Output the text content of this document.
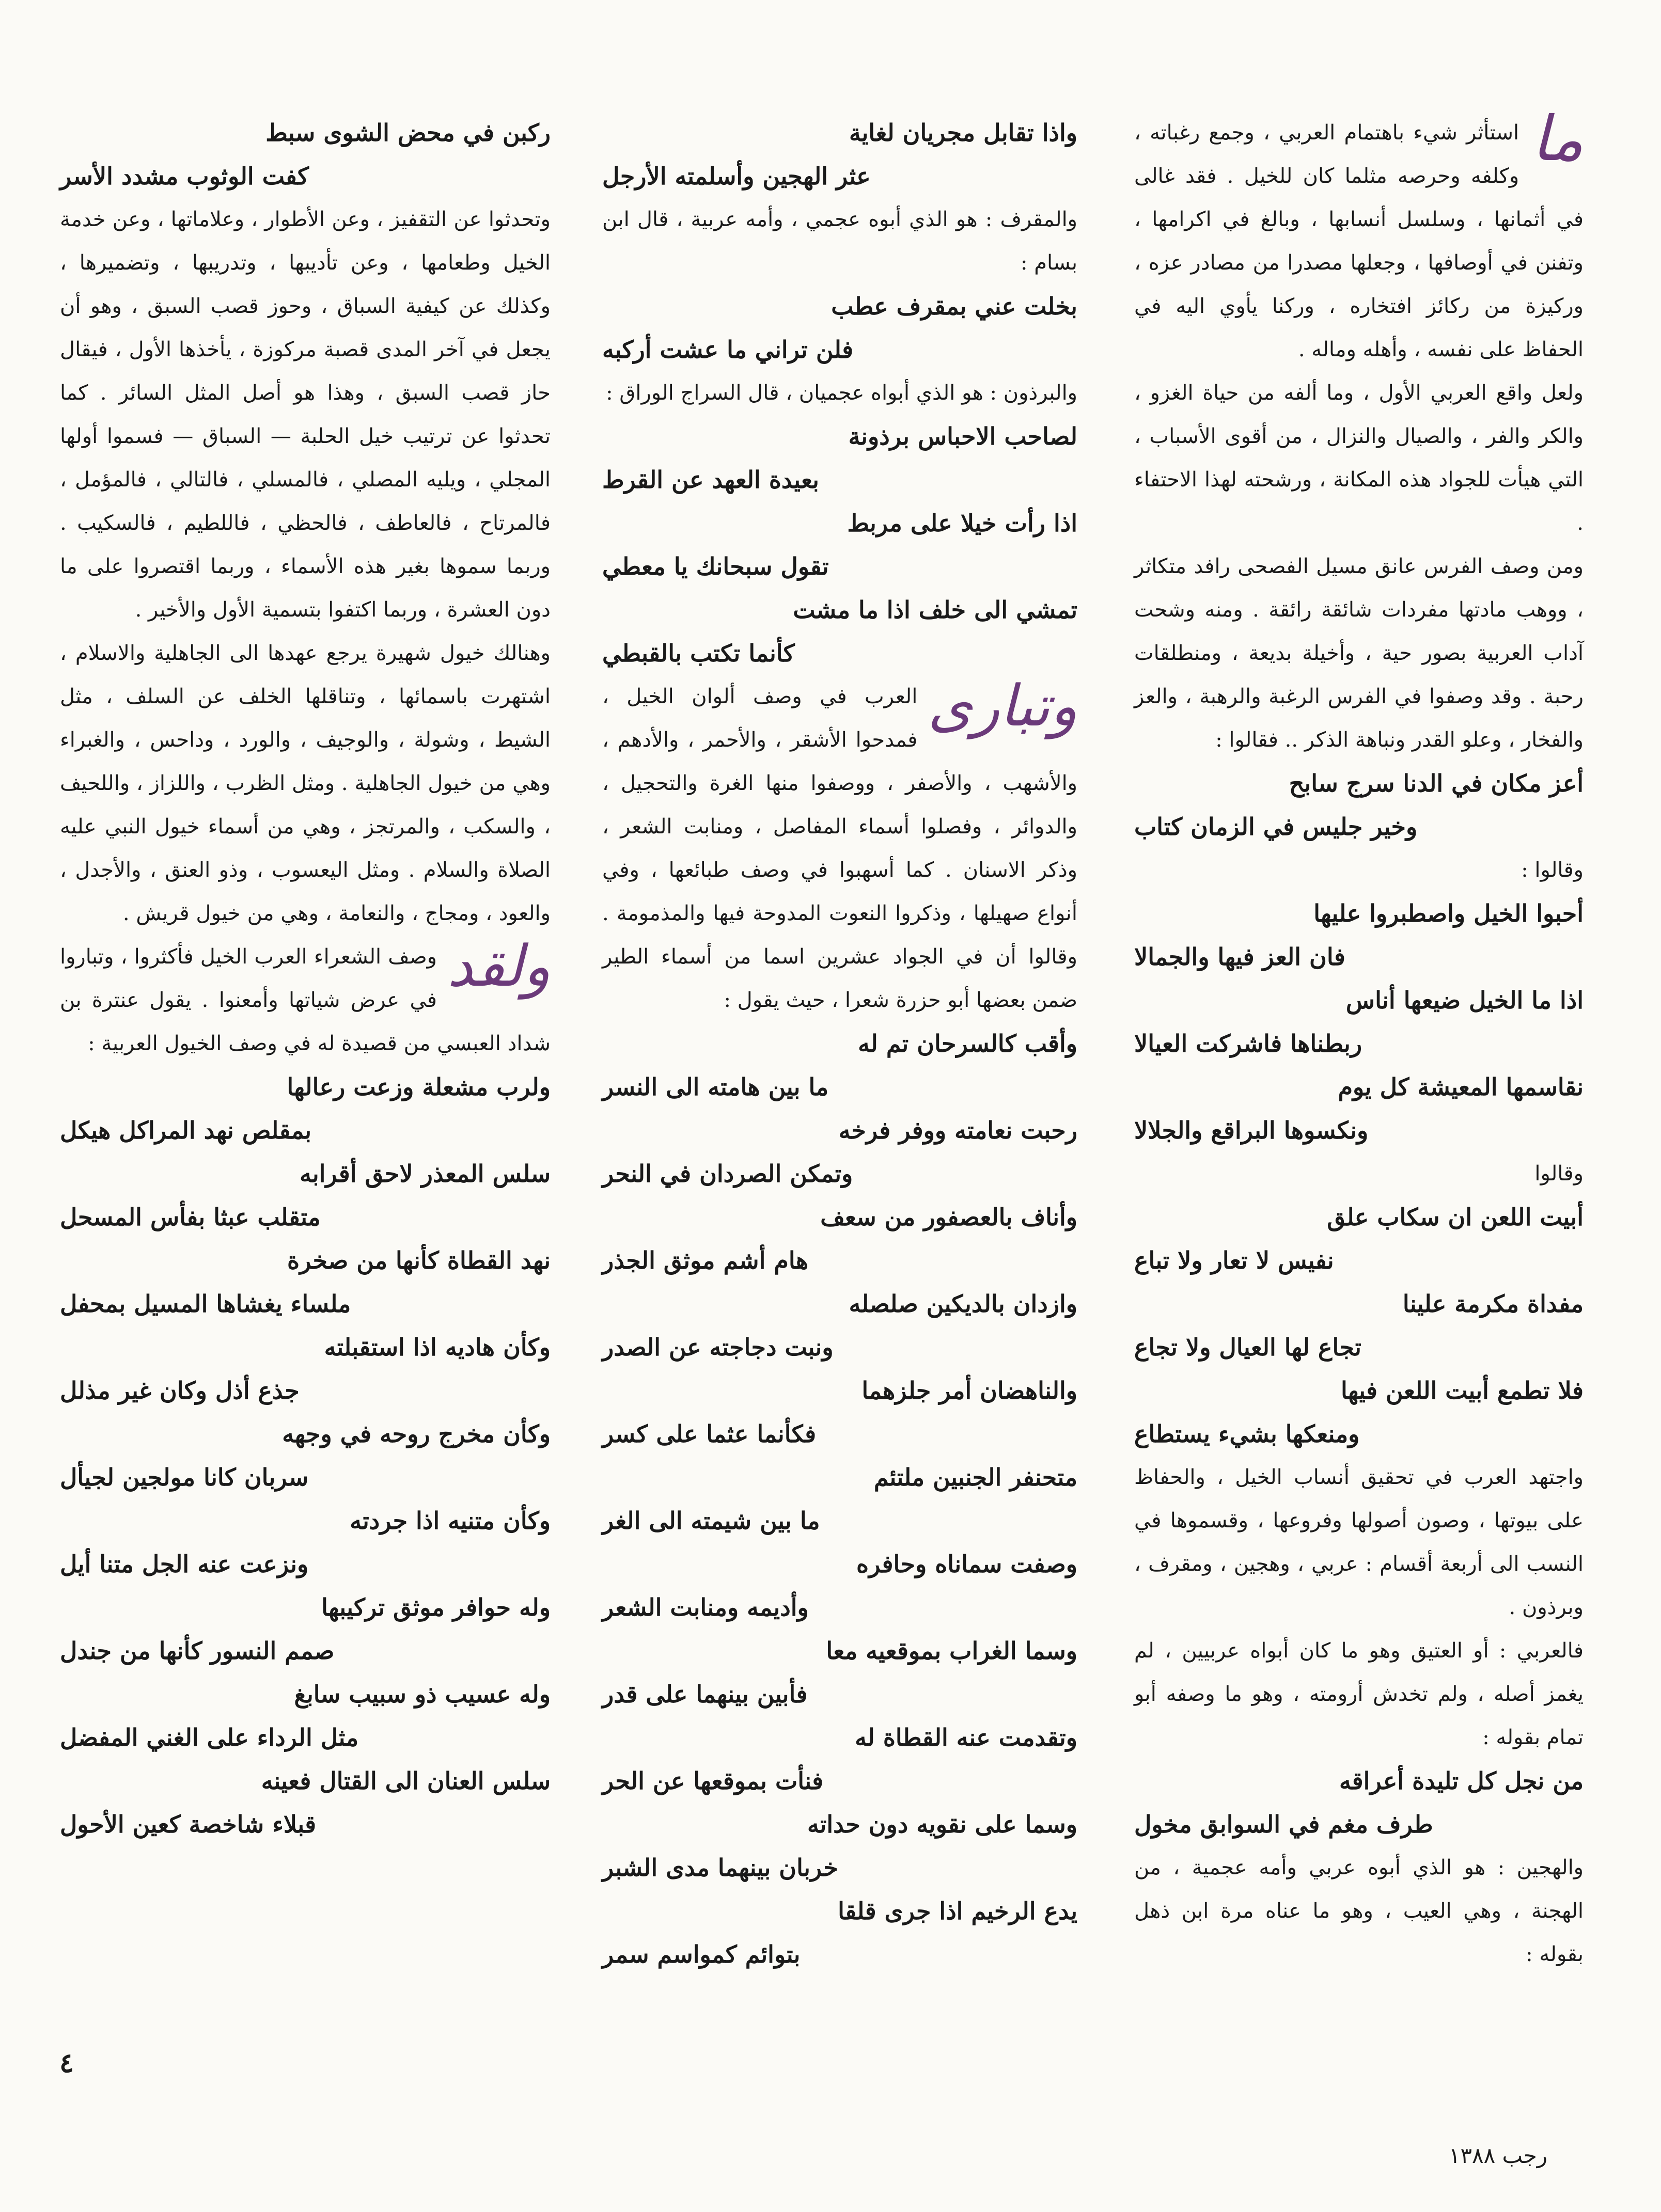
ما
استأثر شيء باهتمام العربي ، وجمع رغباته ، وكلفه وحرصه مثلما كان للخيل . فقد غالى في أثمانها ، وسلسل أنسابها ، وبالغ في اكرامها ، وتفنن في أوصافها ، وجعلها مصدرا من مصادر عزه ، وركيزة من ركائز افتخاره ، وركنا يأوي اليه في الحفاظ على نفسه ، وأهله وماله .

ولعل واقع العربي الأول ، وما ألفه من حياة الغزو ، والكر والفر ، والصيال والنزال ، من أقوى الأسباب ، التي هيأت للجواد هذه المكانة ، ورشحته لهذا الاحتفاء .

ومن وصف الفرس عانق مسيل الفصحى رافد متكاثر ، ووهب مادتها مفردات شائقة رائقة . ومنه وشحت آداب العربية بصور حية ، وأخيلة بديعة ، ومنطلقات رحبة . وقد وصفوا في الفرس الرغبة والرهبة ، والعز والفخار ، وعلو القدر ونباهة الذكر .. فقالوا :

أعز مكان في الدنا سرج سابح

وخير جليس في الزمان كتاب

وقالوا :

أحبوا الخيل واصطبروا عليها

فان العز فيها والجمالا

اذا ما الخيل ضيعها أناس

ربطناها فاشركت العيالا

نقاسمها المعيشة كل يوم

ونكسوها البراقع والجلالا

وقالوا

أبيت اللعن ان سكاب علق

نفيس لا تعار ولا تباع

مفداة مكرمة علينا

تجاع لها العيال ولا تجاع

فلا تطمع أبيت اللعن فيها

ومنعكها بشيء يستطاع

واجتهد العرب في تحقيق أنساب الخيل ، والحفاظ على بيوتها ، وصون أصولها وفروعها ، وقسموها في النسب الى أربعة أقسام : عربي ، وهجين ، ومقرف ، وبرذون .

فالعربي : أو العتيق وهو ما كان أبواه عربيين ، لم يغمز أصله ، ولم تخدش أرومته ، وهو ما وصفه أبو تمام بقوله :

من نجل كل تليدة أعراقه

طرف مغم في السوابق مخول

والهجين : هو الذي أبوه عربي وأمه عجمية ، من الهجنة ، وهي العيب ، وهو ما عناه مرة ابن ذهل بقوله :

واذا تقابل مجريان لغاية

عثر الهجين وأسلمته الأرجل

والمقرف : هو الذي أبوه عجمي ، وأمه عربية ، قال ابن بسام :

بخلت عني بمقرف عطب

فلن تراني ما عشت أركبه

والبرذون : هو الذي أبواه عجميان ، قال السراج الوراق :

لصاحب الاحباس برذونة

بعيدة العهد عن القرط

اذا رأت خيلا على مربط

تقول سبحانك يا معطي

تمشي الى خلف اذا ما مشت

كأنما تكتب بالقبطي

وتبارى
العرب في وصف ألوان الخيل ، فمدحوا الأشقر ، والأحمر ، والأدهم ، والأشهب ، والأصفر ، ووصفوا منها الغرة والتحجيل ، والدوائر ، وفصلوا أسماء المفاصل ، ومنابت الشعر ، وذكر الاسنان . كما أسهبوا في وصف طبائعها ، وفي أنواع صهيلها ، وذكروا النعوت المدوحة فيها والمذمومة . وقالوا أن في الجواد عشرين اسما من أسماء الطير ضمن بعضها أبو حزرة شعرا ، حيث يقول :

وأقب كالسرحان تم له

ما بين هامته الى النسر

رحبت نعامته ووفر فرخه

وتمكن الصردان في النحر

وأناف بالعصفور من سعف

هام أشم موثق الجذر

وازدان بالديكين صلصله

ونبت دجاجته عن الصدر

والناهضان أمر جلزهما

فكأنما عثما على كسر

متحنفر الجنبين ملتئم

ما بين شيمته الى الغر

وصفت سماناه وحافره

وأديمه ومنابت الشعر

وسما الغراب بموقعيه معا

فأبين بينهما على قدر

وتقدمت عنه القطاة له

فنأت بموقعها عن الحر

وسما على نقويه دون حداته

خربان بينهما مدى الشبر

يدع الرخيم اذا جرى قلقا

بتوائم كمواسم سمر

ركبن في محض الشوى سبط

كفت الوثوب مشدد الأسر

وتحدثوا عن التقفيز ، وعن الأطوار ، وعلاماتها ، وعن خدمة الخيل وطعامها ، وعن تأديبها ، وتدريبها ، وتضميرها ، وكذلك عن كيفية السباق ، وحوز قصب السبق ، وهو أن يجعل في آخر المدى قصبة مركوزة ، يأخذها الأول ، فيقال حاز قصب السبق ، وهذا هو أصل المثل السائر . كما تحدثوا عن ترتيب خيل الحلبة — السباق — فسموا أولها المجلي ، ويليه المصلي ، فالمسلي ، فالتالي ، فالمؤمل ، فالمرتاح ، فالعاطف ، فالحظي ، فاللطيم ، فالسكيب . وربما سموها بغير هذه الأسماء ، وربما اقتصروا على ما دون العشرة ، وربما اكتفوا بتسمية الأول والأخير .

وهنالك خيول شهيرة يرجع عهدها الى الجاهلية والاسلام ، اشتهرت باسمائها ، وتناقلها الخلف عن السلف ، مثل الشيط ، وشولة ، والوجيف ، والورد ، وداحس ، والغبراء وهي من خيول الجاهلية . ومثل الظرب ، واللزاز ، واللحيف ، والسكب ، والمرتجز ، وهي من أسماء خيول النبي عليه الصلاة والسلام . ومثل اليعسوب ، وذو العنق ، والأجدل ، والعود ، ومجاج ، والنعامة ، وهي من خيول قريش .

ولقد
وصف الشعراء العرب الخيل فأكثروا ، وتباروا في عرض شياتها وأمعنوا . يقول عنترة بن شداد العبسي من قصيدة له في وصف الخيول العربية :

ولرب مشعلة وزعت رعالها

بمقلص نهد المراكل هيكل

سلس المعذر لاحق أقرابه

متقلب عبثا بفأس المسحل

نهد القطاة كأنها من صخرة

ملساء يغشاها المسيل بمحفل

وكأن هاديه اذا استقبلته

جذع أذل وكان غير مذلل

وكأن مخرج روحه في وجهه

سربان كانا مولجين لجيأل

وكأن متنيه اذا جردته

ونزعت عنه الجل متنا أيل

وله حوافر موثق تركيبها

صمم النسور كأنها من جندل

وله عسيب ذو سبيب سابغ

مثل الرداء على الغني المفضل

سلس العنان الى القتال فعينه

قبلاء شاخصة كعين الأحول

٤
رجب ١٣٨٨
